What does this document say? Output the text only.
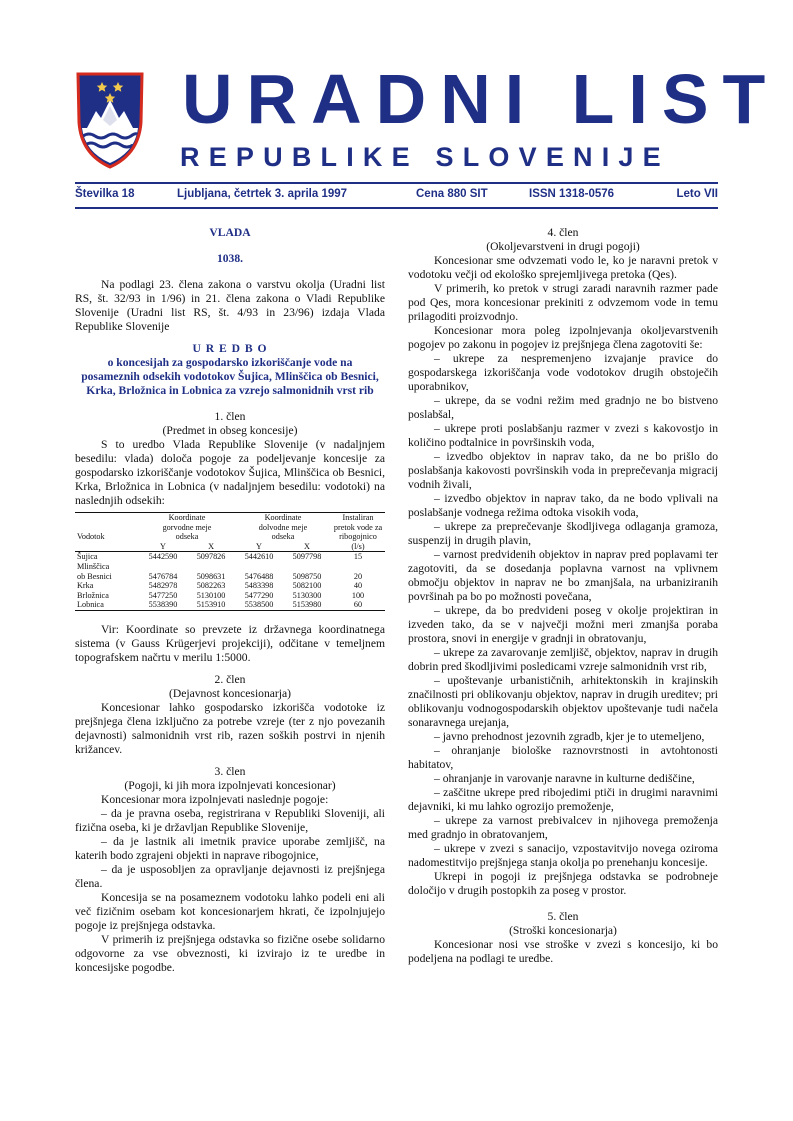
URADNI LIST
REPUBLIKE SLOVENIJE
Številka 18	Ljubljana, četrtek 3. aprila 1997	Cena 880 SIT	ISSN 1318-0576	Leto VII

VLADA

1038.

Na podlagi 23. člena zakona o varstvu okolja (Uradni list RS, št. 32/93 in 1/96) in 21. člena zakona o Vladi Republike Slovenije (Uradni list RS, št. 4/93 in 23/96) izdaja Vlada Republike Slovenije

U R E D B O

o koncesijah za gospodarsko izkoriščanje vode na posameznih odsekih vodotokov Šujica, Mlinščica ob Besnici, Krka, Brložnica in Lobnica za vzrejo salmonidnih vrst rib

1. člen

(Predmet in obseg koncesije)

S to uredbo Vlada Republike Slovenije (v nadaljnjem besedilu: vlada) določa pogoje za podeljevanje koncesije za gospodarsko izkoriščanje vodotokov Šujica, Mlinščica ob Besnici, Krka, Brložnica in Lobnica (v nadaljnjem besedilu: vodotoki) na naslednjih odsekih:

Vodotok	Koordinate gorvodne meje odseka		Koordinate dolvodne meje odseka		Instaliran pretok vode za ribogojnico
	Y	X	Y	X	(l/s)
Šujica	5442590	5097826	5442610	5097798	15
Mlinščica					
ob Besnici	5476784	5098631	5476488	5098750	20
Krka	5482978	5082263	5483398	5082100	40
Brložnica	5477250	5130100	5477290	5130300	100
Lobnica	5538390	5153910	5538500	5153980	60

Vir: Koordinate so prevzete iz državnega koordinatnega sistema (v Gauss Krügerjevi projekciji), odčitane v temeljnem topografskem načrtu v merilu 1:5000.

2. člen

(Dejavnost koncesionarja)

Koncesionar lahko gospodarsko izkorišča vodotoke iz prejšnjega člena izključno za potrebe vzreje (ter z njo povezanih dejavnosti) salmonidnih vrst rib, razen soških postrvi in njenih križancev.

3. člen

(Pogoji, ki jih mora izpolnjevati koncesionar)

Koncesionar mora izpolnjevati naslednje pogoje:

– da je pravna oseba, registrirana v Republiki Sloveniji, ali fizična oseba, ki je državljan Republike Slovenije,

– da je lastnik ali imetnik pravice uporabe zemljišč, na katerih bodo zgrajeni objekti in naprave ribogojnice,

– da je usposobljen za opravljanje dejavnosti iz prejšnjega člena.

Koncesija se na posameznem vodotoku lahko podeli eni ali več fizičnim osebam kot koncesionarjem hkrati, če izpolnjujejo pogoje iz prejšnjega odstavka.

V primerih iz prejšnjega odstavka so fizične osebe solidarno odgovorne za vse obveznosti, ki izvirajo iz te uredbe in koncesijske pogodbe.

4. člen

(Okoljevarstveni in drugi pogoji)

Koncesionar sme odvzemati vodo le, ko je naravni pretok v vodotoku večji od ekološko sprejemljivega pretoka (Qes).

V primerih, ko pretok v strugi zaradi naravnih razmer pade pod Qes, mora koncesionar prekiniti z odvzemom vode in temu prilagoditi proizvodnjo.

Koncesionar mora poleg izpolnjevanja okoljevarstvenih pogojev po zakonu in pogojev iz prejšnjega člena zagotoviti še:

– ukrepe za nespremenjeno izvajanje pravice do gospodarskega izkoriščanja vode vodotokov drugih obstoječih uporabnikov,

– ukrepe, da se vodni režim med gradnjo ne bo bistveno poslabšal,

– ukrepe proti poslabšanju razmer v zvezi s kakovostjo in količino podtalnice in površinskih voda,

– izvedbo objektov in naprav tako, da ne bo prišlo do poslabšanja kakovosti površinskih voda in preprečevanja migracij vodnih živali,

– izvedbo objektov in naprav tako, da ne bodo vplivali na poslabšanje vodnega režima odtoka visokih voda,

– ukrepe za preprečevanje škodljivega odlaganja gramoza, suspenzij in drugih plavin,

– varnost predvidenih objektov in naprav pred poplavami ter zagotoviti, da se dosedanja poplavna varnost na vplivnem območju objektov in naprav ne bo zmanjšala, na urbaniziranih površinah pa bo po možnosti povečana,

– ukrepe, da bo predvideni poseg v okolje projektiran in izveden tako, da se v največji možni meri zmanjša poraba prostora, snovi in energije v gradnji in obratovanju,

– ukrepe za zavarovanje zemljišč, objektov, naprav in drugih dobrin pred škodljivimi posledicami vzreje salmonidnih vrst rib,

– upoštevanje urbanističnih, arhitektonskih in krajinskih značilnosti pri oblikovanju objektov, naprav in drugih ureditev; pri oblikovanju vodnogospodarskih objektov upoštevanje tudi načela sonaravnega urejanja,

– javno prehodnost jezovnih zgradb, kjer je to utemeljeno,

– ohranjanje biološke raznovrstnosti in avtohtonosti habitatov,

– ohranjanje in varovanje naravne in kulturne dediščine,

– zaščitne ukrepe pred ribojedimi ptiči in drugimi naravnimi dejavniki, ki mu lahko ogrozijo premoženje,

– ukrepe za varnost prebivalcev in njihovega premoženja med gradnjo in obratovanjem,

– ukrepe v zvezi s sanacijo, vzpostavitvijo novega oziroma nadomestitvijo prejšnjega stanja okolja po prenehanju koncesije.

Ukrepi in pogoji iz prejšnjega odstavka se podrobneje določijo v drugih postopkih za poseg v prostor.

5. člen

(Stroški koncesionarja)

Koncesionar nosi vse stroške v zvezi s koncesijo, ki bo podeljena na podlagi te uredbe.
